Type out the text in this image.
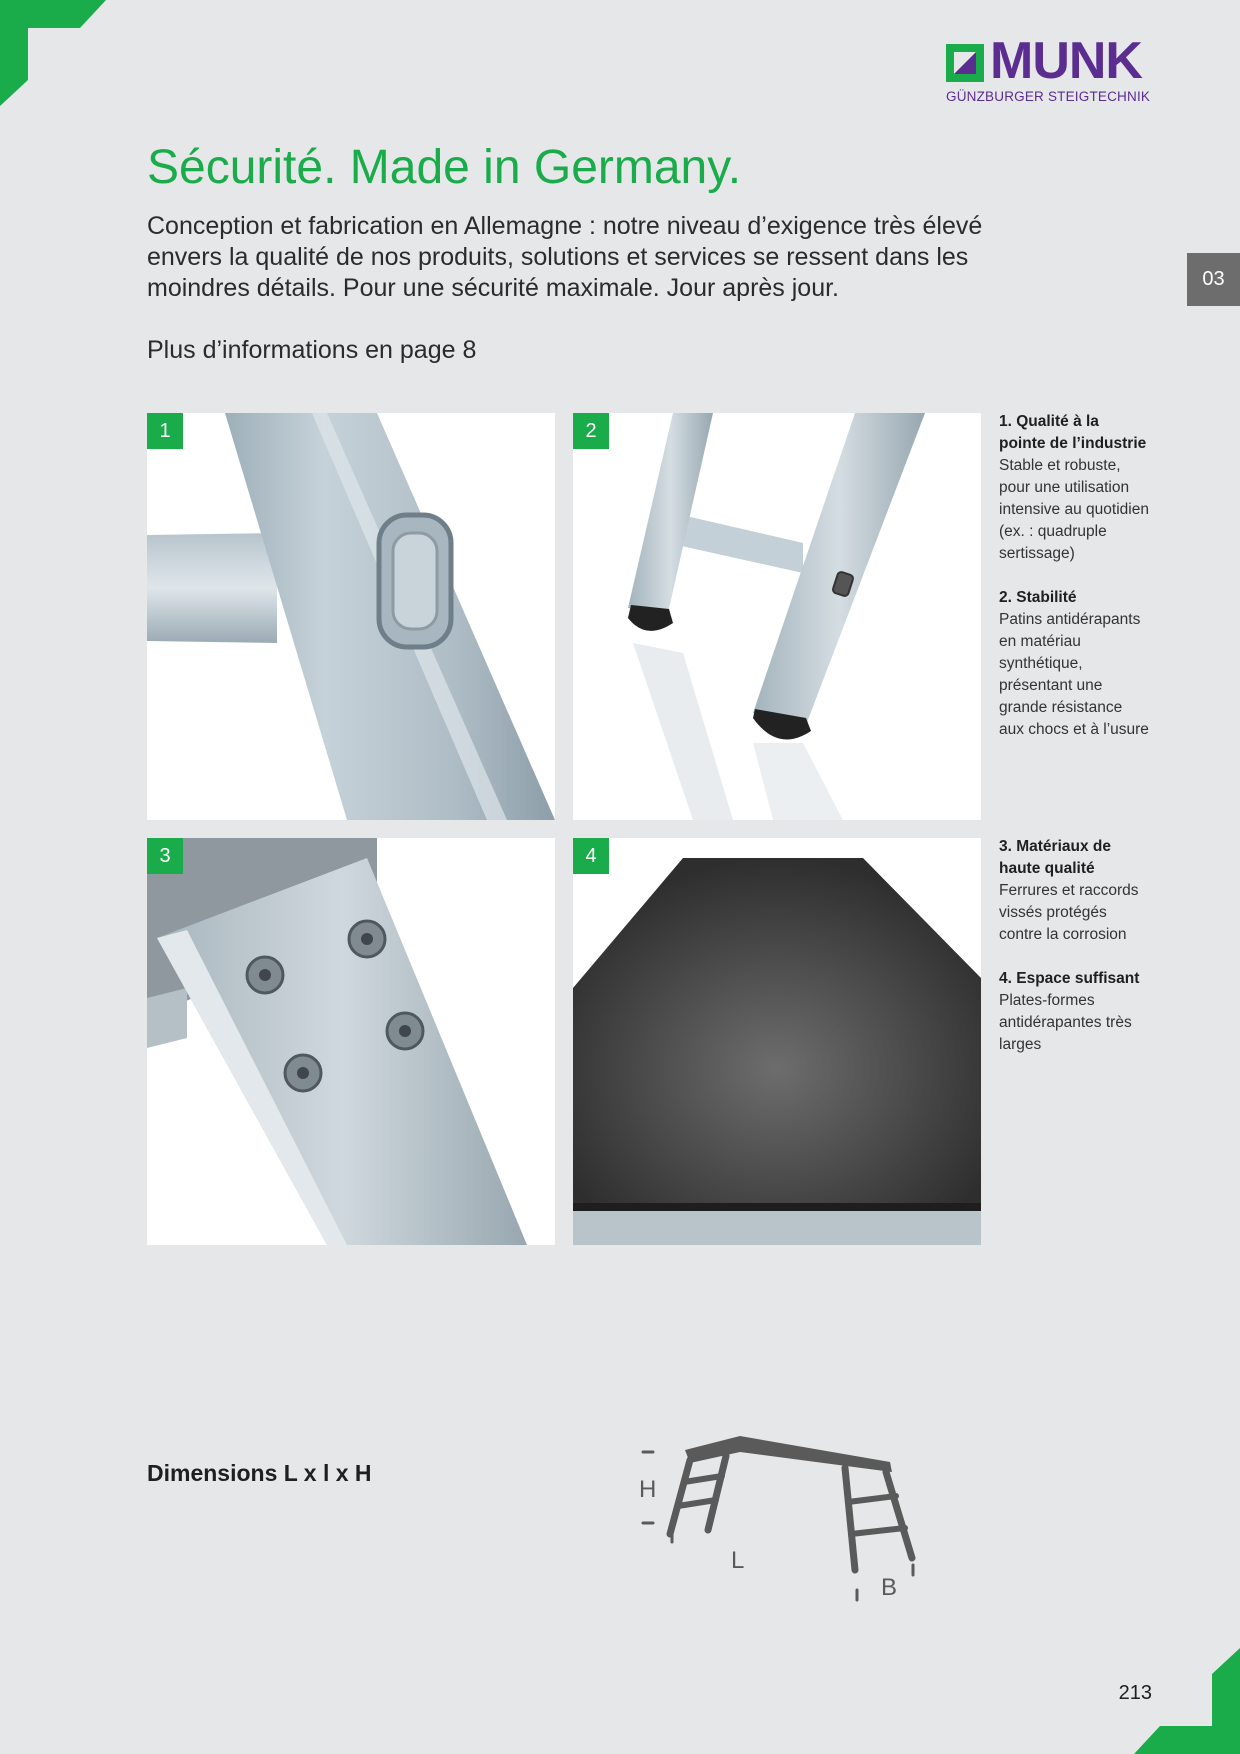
MUNK
GÜNZBURGER STEIGTECHNIK
Sécurité. Made in Germany.

Conception et fabrication en Allemagne : notre niveau d’exigence très élevé envers la qualité de nos produits, solutions et services se ressent dans les moindres détails. Pour une sécurité maximale. Jour après jour.

Plus d’informations en page 8

03
1	2
3	4
1. Qualité à la pointe de l’industrie
Stable et robuste, pour une utilisation intensive au quotidien (ex. : quadruple sertissage)
2. Stabilité
Patins antidérapants en matériau synthétique, présentant une grande résistance aux chocs et à l’usure
3. Matériaux de haute qualité
Ferrures et raccords vissés protégés contre la corrosion
4. Espace suffisant
Plates-formes antidérapantes très larges
Dimensions L x l x H
H
L
B
213
